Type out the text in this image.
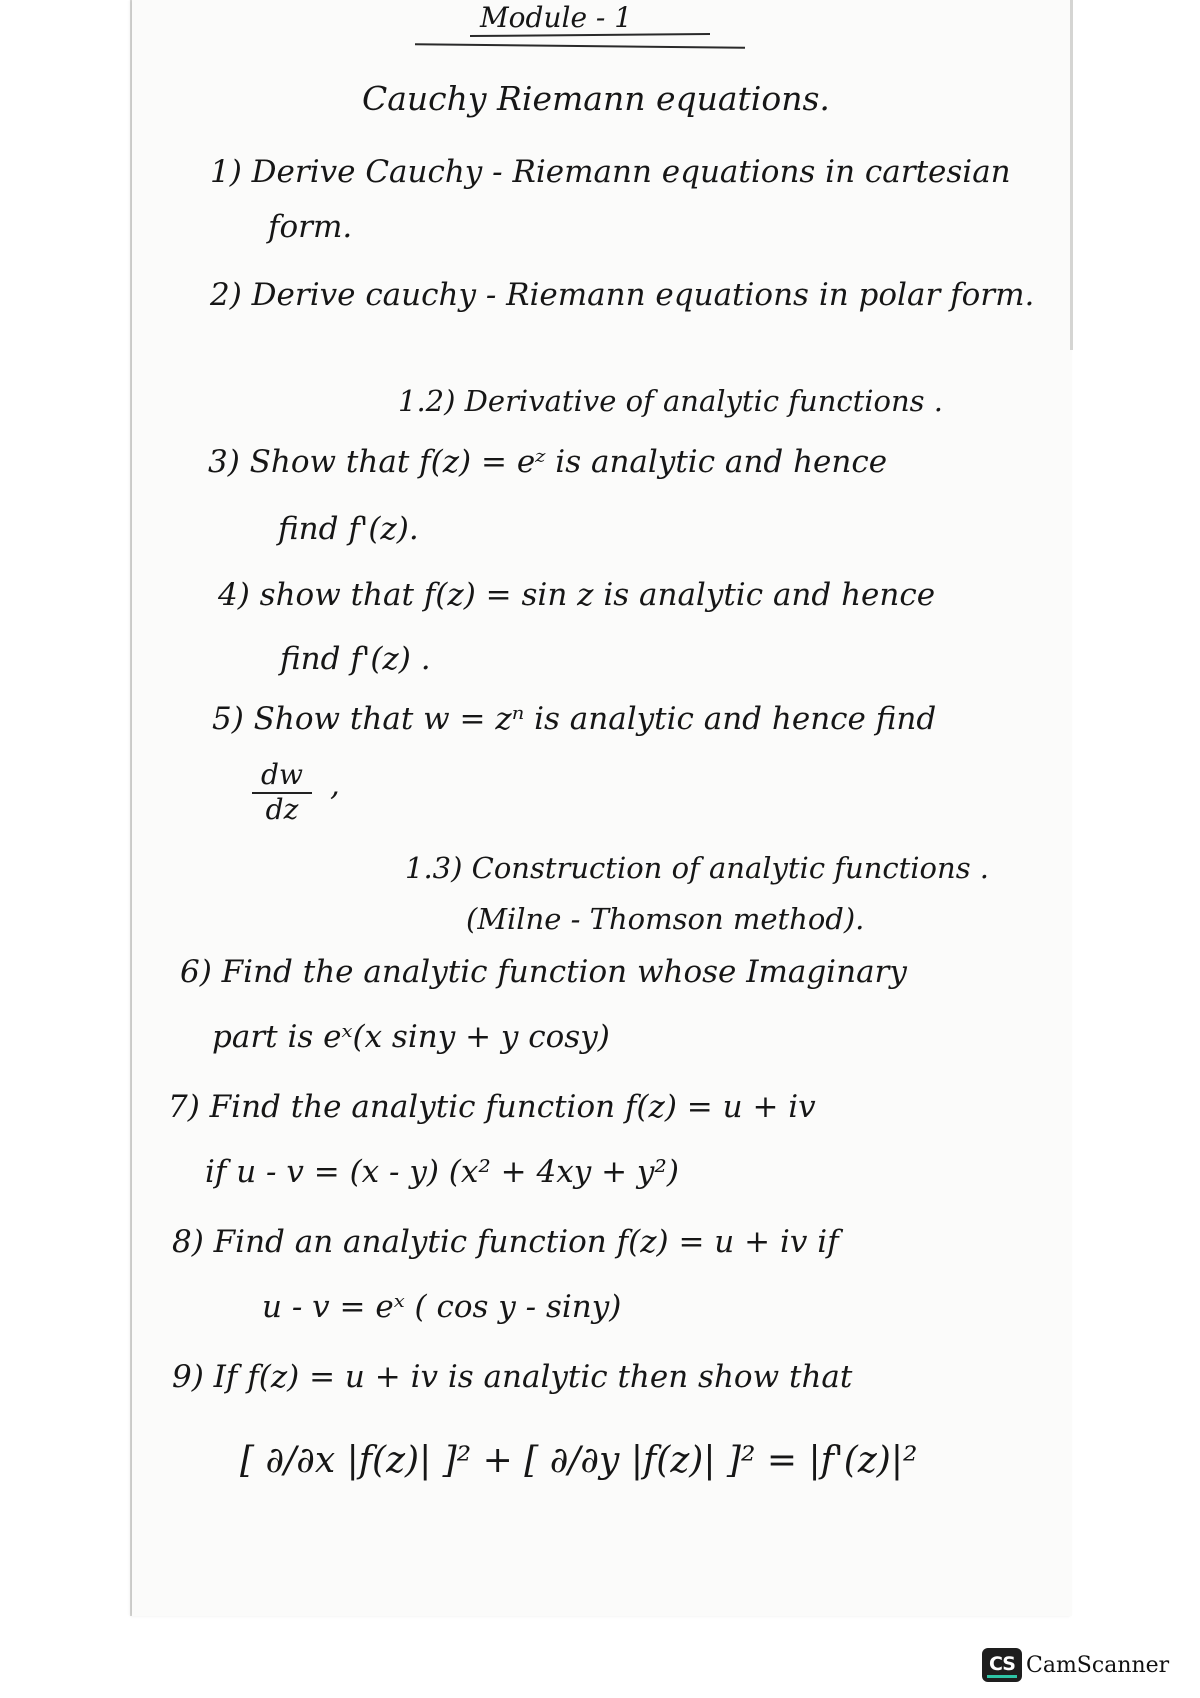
Module - 1
Cauchy Riemann equations.
1) Derive Cauchy - Riemann equations in cartesian
form.
2) Derive cauchy - Riemann equations in polar form.
1.2) Derivative of analytic functions .
3) Show that f(z) = eᶻ is analytic and hence
find f'(z).
4) show that f(z) = sin z is analytic and hence
find f'(z) .
5) Show that w = zⁿ is analytic and hence find
$\frac{dw}{dz}$ ,
1.3) Construction of analytic functions .
(Milne - Thomson method).
6) Find the analytic function whose Imaginary
part is eˣ(x siny + y cosy)
7) Find the analytic function f(z) = u + iv
if u - v = (x - y) (x² + 4xy + y²)
8) Find an analytic function f(z) = u + iv if
u - v = eˣ ( cos y - siny)
9) If f(z) = u + iv is analytic then show that
[ ∂/∂x |f(z)| ]² + [ ∂/∂y |f(z)| ]² = |f'(z)|²
CS CamScanner
